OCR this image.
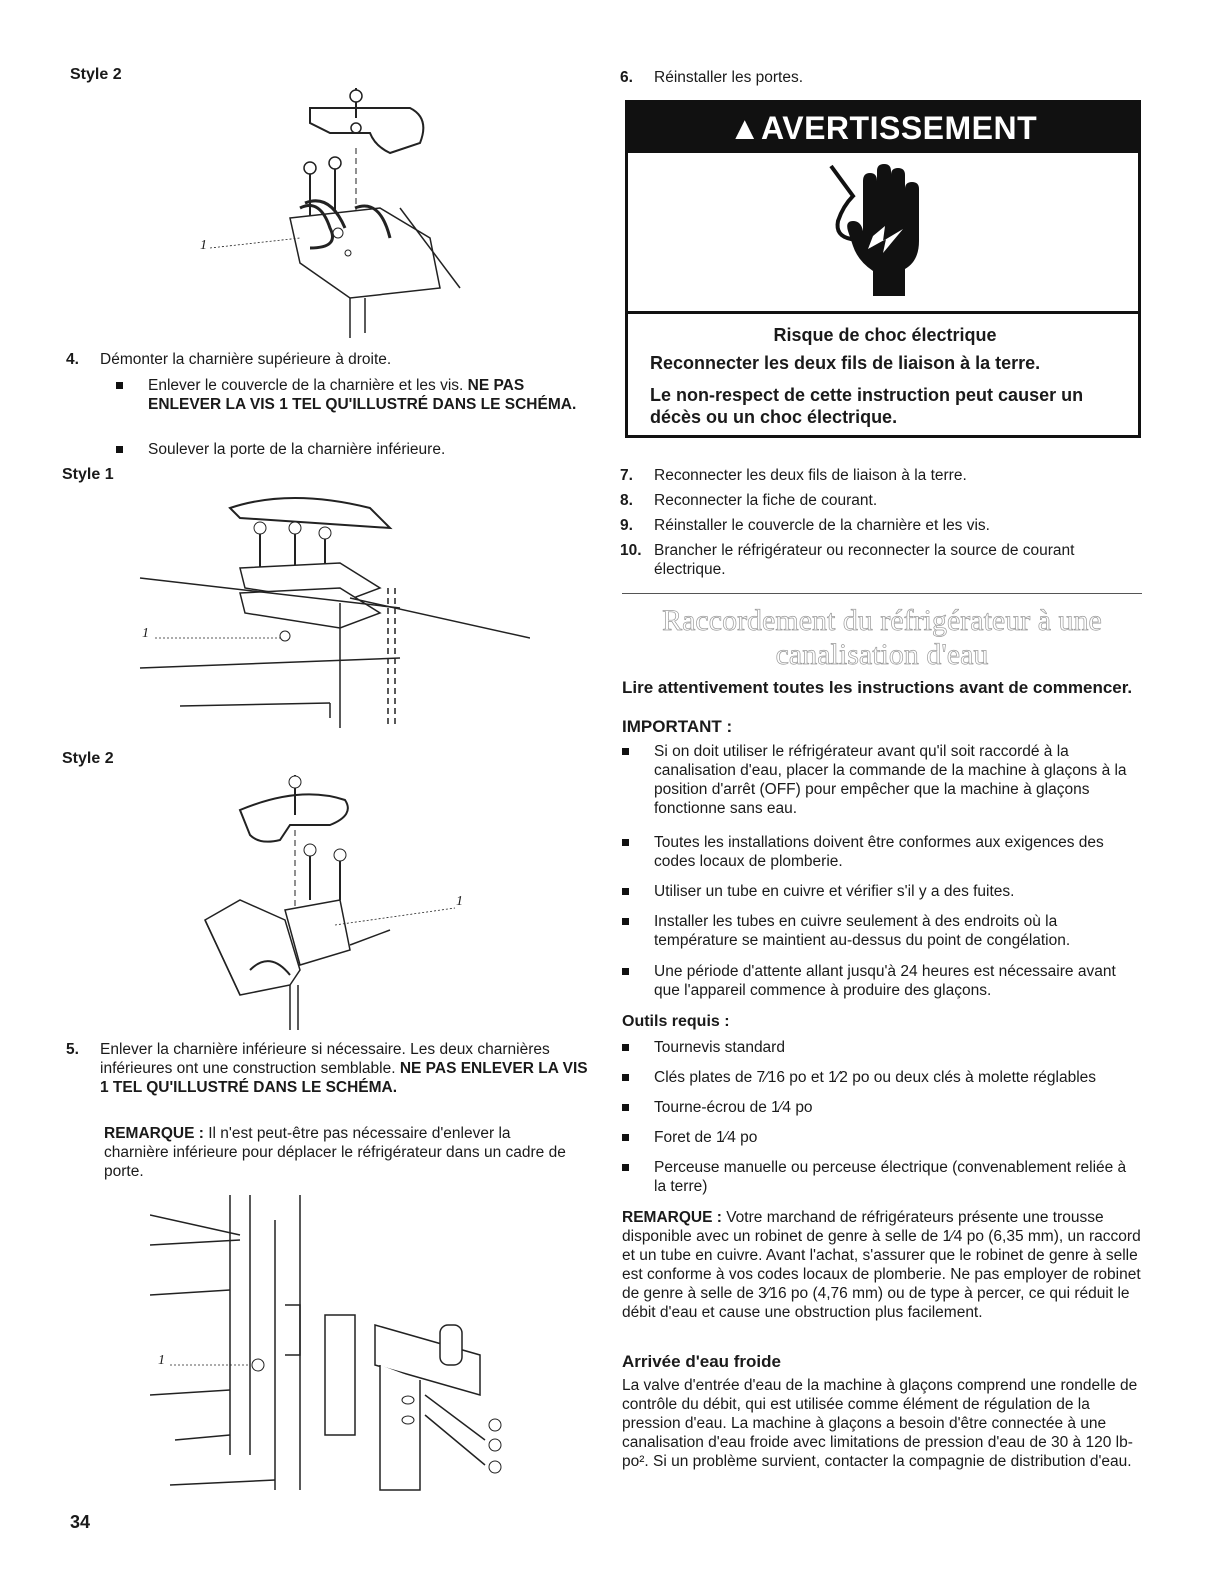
Style 2
1
4. Démonter la charnière supérieure à droite.
Enlever le couvercle de la charnière et les vis. NE PAS ENLEVER LA VIS 1 TEL QU'ILLUSTRÉ DANS LE SCHÉMA.
Soulever la porte de la charnière inférieure.
Style 1
1
Style 2
1
5. Enlever la charnière inférieure si nécessaire. Les deux charnières inférieures ont une construction semblable. NE PAS ENLEVER LA VIS 1 TEL QU'ILLUSTRÉ DANS LE SCHÉMA.
REMARQUE : Il n'est peut-être pas nécessaire d'enlever la charnière inférieure pour déplacer le réfrigérateur dans un cadre de porte.
1
34
6. Réinstaller les portes.
▲AVERTISSEMENT

Risque de choc électrique

Reconnecter les deux fils de liaison à la terre.

Le non-respect de cette instruction peut causer un décès ou un choc électrique.

7. Reconnecter les deux fils de liaison à la terre.
8. Reconnecter la fiche de courant.
9. Réinstaller le couvercle de la charnière et les vis.
10. Brancher le réfrigérateur ou reconnecter la source de courant électrique.
Raccordement du réfrigérateur à une canalisation d'eau
Lire attentivement toutes les instructions avant de commencer.
IMPORTANT :
Si on doit utiliser le réfrigérateur avant qu'il soit raccordé à la canalisation d'eau, placer la commande de la machine à glaçons à la position d'arrêt (OFF) pour empêcher que la machine à glaçons fonctionne sans eau.
Toutes les installations doivent être conformes aux exigences des codes locaux de plomberie.
Utiliser un tube en cuivre et vérifier s'il y a des fuites.
Installer les tubes en cuivre seulement à des endroits où la température se maintient au-dessus du point de congélation.
Une période d'attente allant jusqu'à 24 heures est nécessaire avant que l'appareil commence à produire des glaçons.
Outils requis :
Tournevis standard
Clés plates de 7⁄16 po et 1⁄2 po ou deux clés à molette réglables
Tourne-écrou de 1⁄4 po
Foret de 1⁄4 po
Perceuse manuelle ou perceuse électrique (convenablement reliée à la terre)
REMARQUE : Votre marchand de réfrigérateurs présente une trousse disponible avec un robinet de genre à selle de 1⁄4 po (6,35 mm), un raccord et un tube en cuivre. Avant l'achat, s'assurer que le robinet de genre à selle est conforme à vos codes locaux de plomberie. Ne pas employer de robinet de genre à selle de 3⁄16 po (4,76 mm) ou de type à percer, ce qui réduit le débit d'eau et cause une obstruction plus facilement.
Arrivée d'eau froide
La valve d'entrée d'eau de la machine à glaçons comprend une rondelle de contrôle du débit, qui est utilisée comme élément de régulation de la pression d'eau. La machine à glaçons a besoin d'être connectée à une canalisation d'eau froide avec limitations de pression d'eau de 30 à 120 lb-po². Si un problème survient, contacter la compagnie de distribution d'eau.
